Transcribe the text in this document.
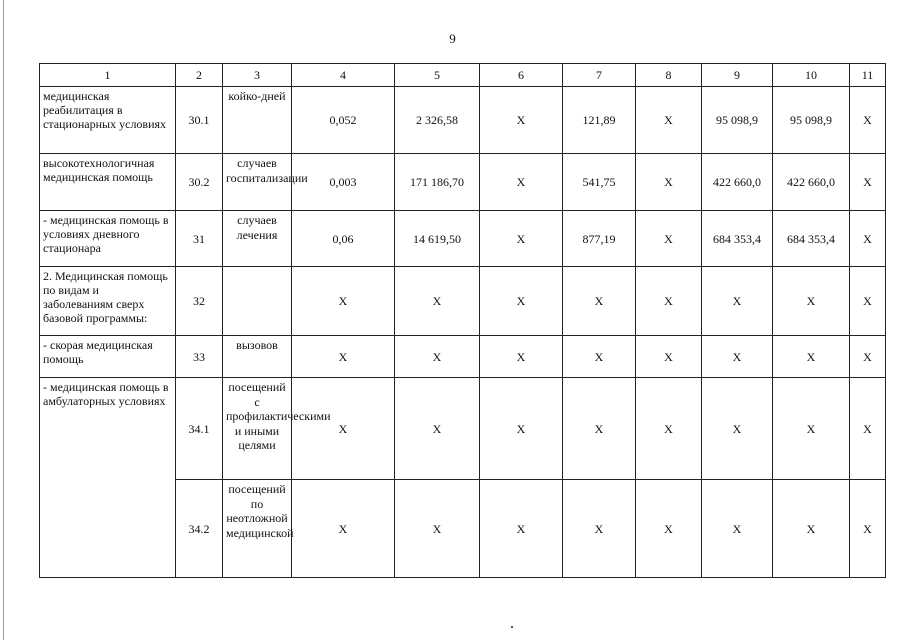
9
1	2	3	4	5	6	7	8	9	10	11
медицинская реабилитация в стационарных условиях	30.1	койко-дней	0,052	2 326,58	Х	121,89	Х	95 098,9	95 098,9	Х
высокотехнологичная медицинская помощь	30.2	случаев госпитализации	0,003	171 186,70	Х	541,75	Х	422 660,0	422 660,0	Х
- медицинская помощь в условиях дневного стационара	31	случаев лечения	0,06	14 619,50	Х	877,19	Х	684 353,4	684 353,4	Х
2. Медицинская помощь по видам и заболеваниям сверх базовой программы:	32		Х	Х	Х	Х	Х	Х	Х	Х
- скорая медицинская помощь	33	вызовов	Х	Х	Х	Х	Х	Х	Х	Х
- медицинская помощь в амбулаторных условиях	34.1	посещений с профилактическими и иными целями	Х	Х	Х	Х	Х	Х	Х	Х
	34.2	посещений по неотложной медицинской	Х	Х	Х	Х	Х	Х	Х	Х
